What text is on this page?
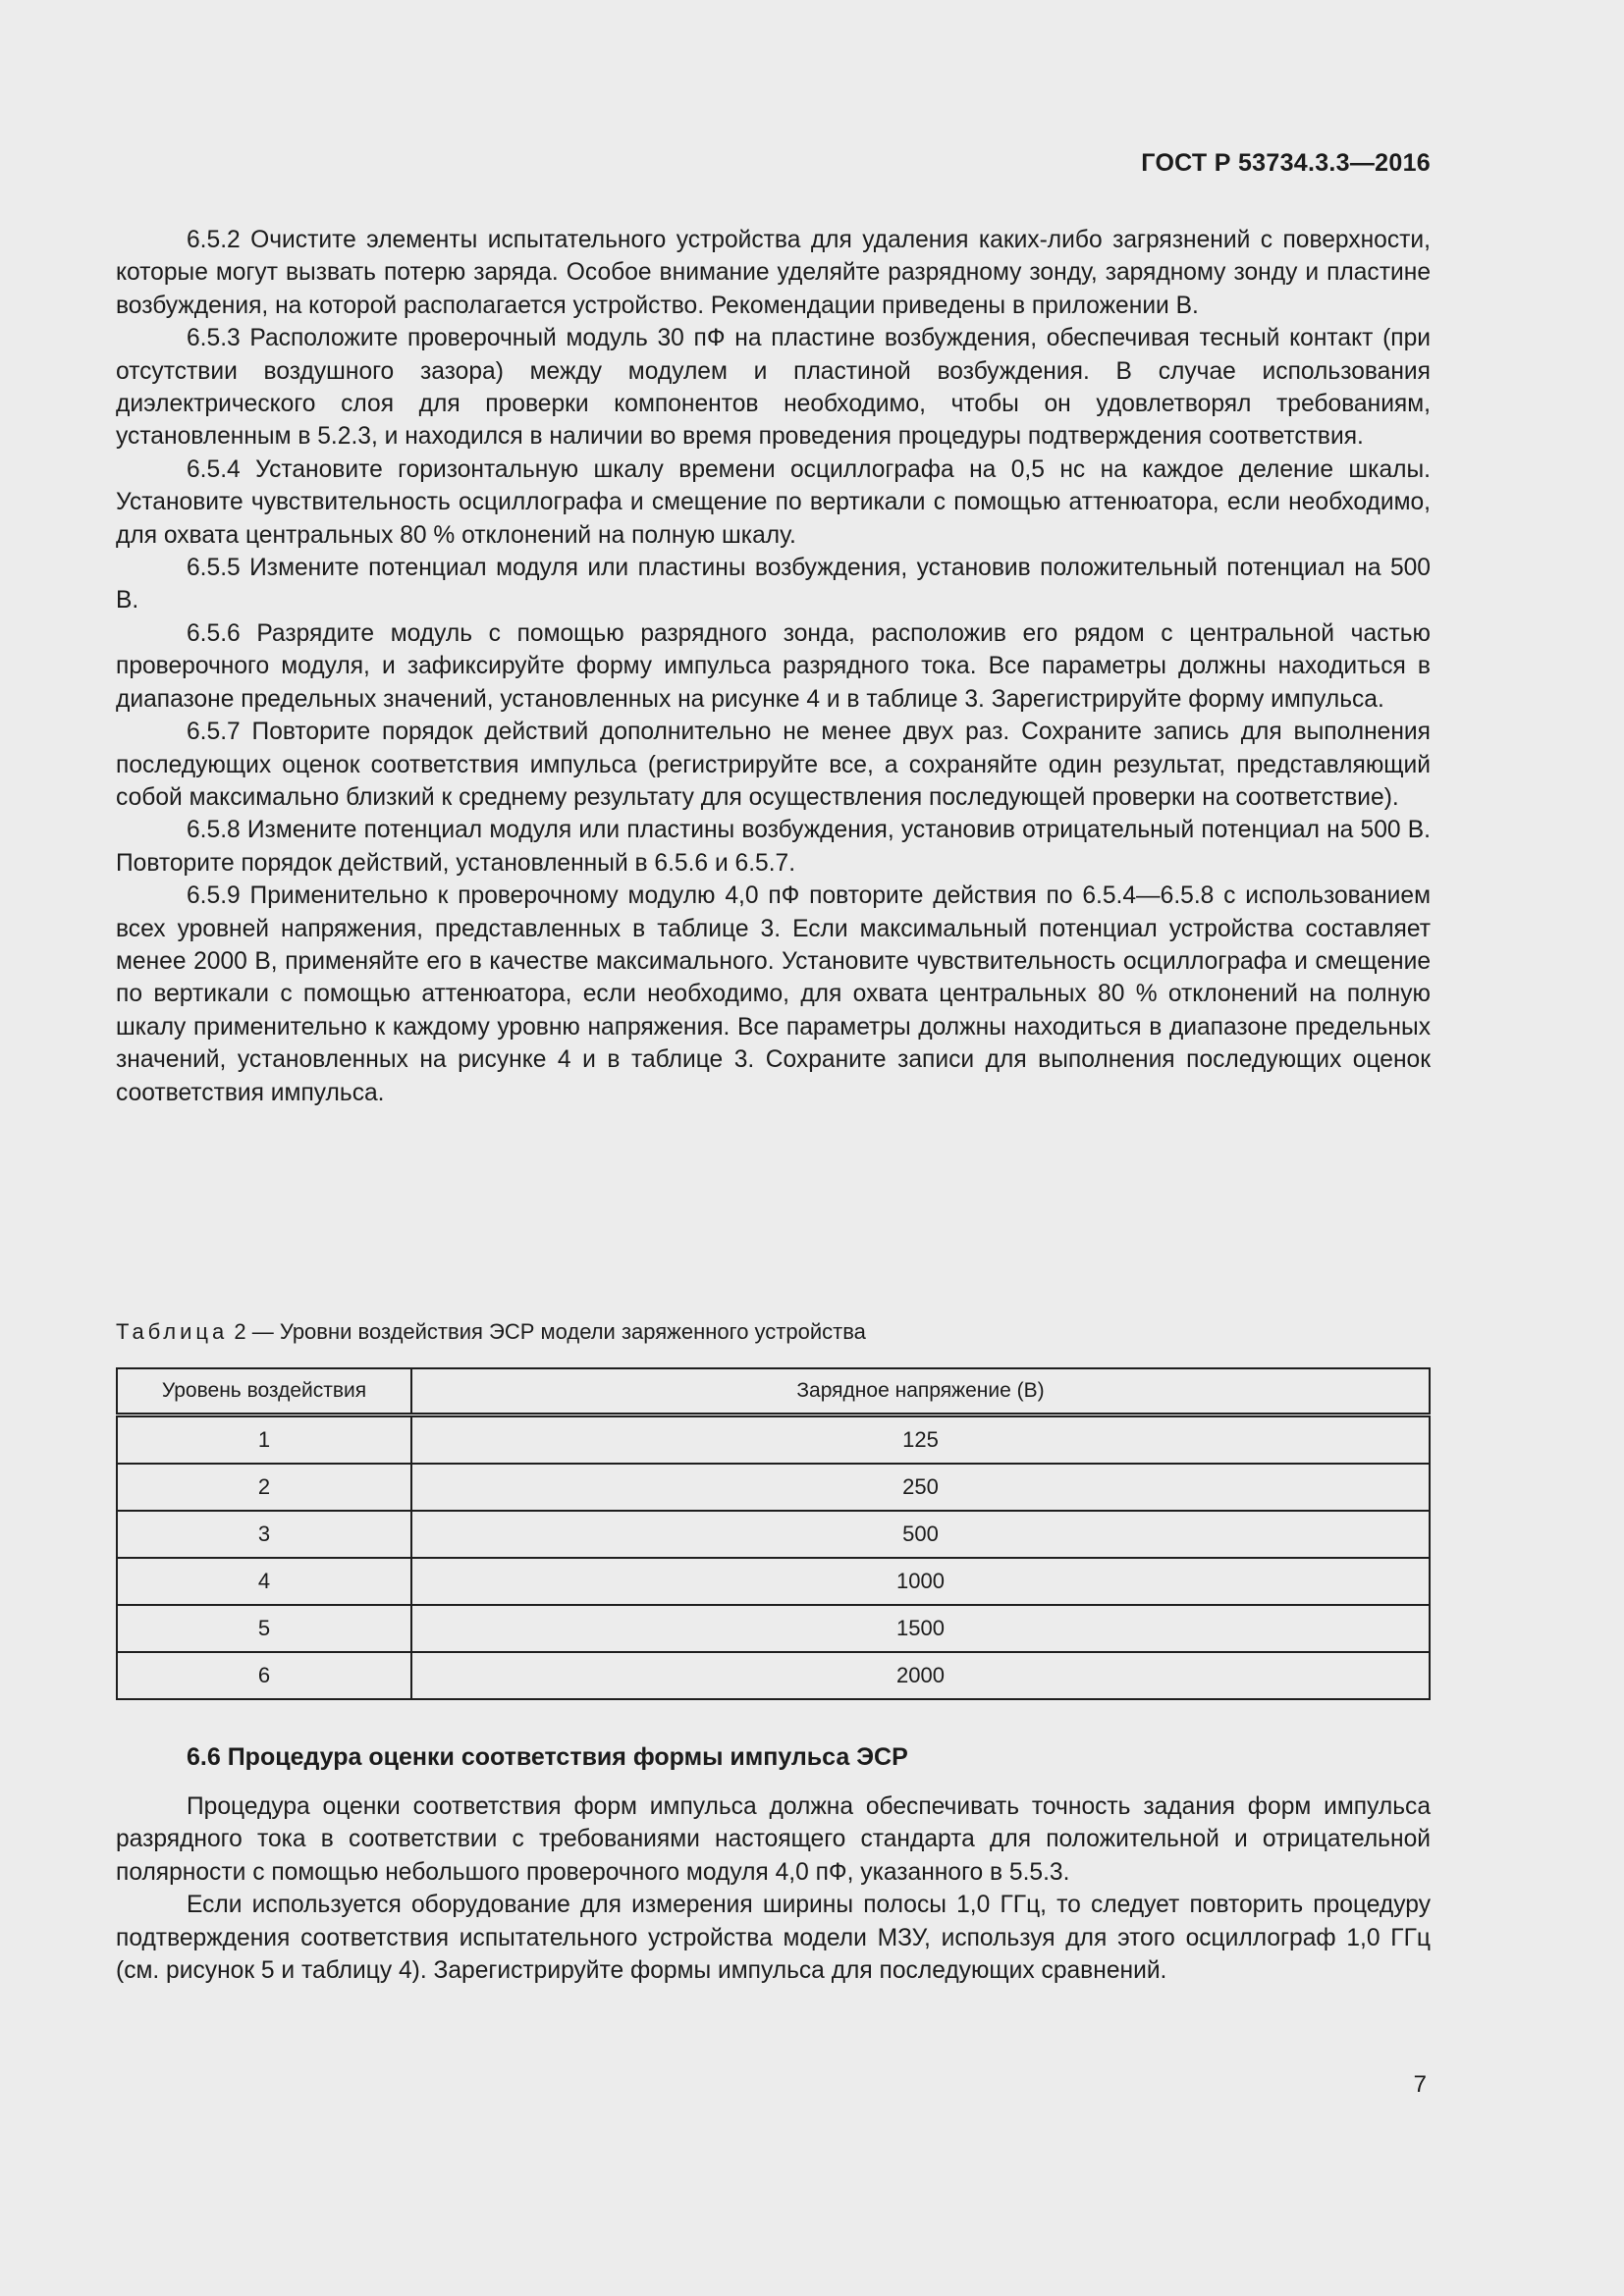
ГОСТ Р 53734.3.3—2016

6.5.2 Очистите элементы испытательного устройства для удаления каких-либо загрязнений с поверхности, которые могут вызвать потерю заряда. Особое внимание уделяйте разрядному зонду, зарядному зонду и пластине возбуждения, на которой располагается устройство. Рекомендации приведены в приложении В.

6.5.3 Расположите проверочный модуль 30 пФ на пластине возбуждения, обеспечивая тесный контакт (при отсутствии воздушного зазора) между модулем и пластиной возбуждения. В случае использования диэлектрического слоя для проверки компонентов необходимо, чтобы он удовлетворял требованиям, установленным в 5.2.3, и находился в наличии во время проведения процедуры подтверждения соответствия.

6.5.4 Установите горизонтальную шкалу времени осциллографа на 0,5 нс на каждое деление шкалы. Установите чувствительность осциллографа и смещение по вертикали с помощью аттенюатора, если необходимо, для охвата центральных 80 % отклонений на полную шкалу.

6.5.5 Измените потенциал модуля или пластины возбуждения, установив положительный потенциал на 500 В.

6.5.6 Разрядите модуль с помощью разрядного зонда, расположив его рядом с центральной частью проверочного модуля, и зафиксируйте форму импульса разрядного тока. Все параметры должны находиться в диапазоне предельных значений, установленных на рисунке 4 и в таблице 3. Зарегистрируйте форму импульса.

6.5.7 Повторите порядок действий дополнительно не менее двух раз. Сохраните запись для выполнения последующих оценок соответствия импульса (регистрируйте все, а сохраняйте один результат, представляющий собой максимально близкий к среднему результату для осуществления последующей проверки на соответствие).

6.5.8 Измените потенциал модуля или пластины возбуждения, установив отрицательный потенциал на 500 В. Повторите порядок действий, установленный в 6.5.6 и 6.5.7.

6.5.9 Применительно к проверочному модулю 4,0 пФ повторите действия по 6.5.4—6.5.8 с использованием всех уровней напряжения, представленных в таблице 3. Если максимальный потенциал устройства составляет менее 2000 В, применяйте его в качестве максимального. Установите чувствительность осциллографа и смещение по вертикали с помощью аттенюатора, если необходимо, для охвата центральных 80 % отклонений на полную шкалу применительно к каждому уровню напряжения. Все параметры должны находиться в диапазоне предельных значений, установленных на рисунке 4 и в таблице 3. Сохраните записи для выполнения последующих оценок соответствия импульса.

Таблица 2 — Уровни воздействия ЭСР модели заряженного устройства
Уровень воздействия	Зарядное напряжение (В)
1	125
2	250
3	500
4	1000
5	1500
6	2000
6.6 Процедура оценки соответствия формы импульса ЭСР

Процедура оценки соответствия форм импульса должна обеспечивать точность задания форм импульса разрядного тока в соответствии с требованиями настоящего стандарта для положительной и отрицательной полярности с помощью небольшого проверочного модуля 4,0 пФ, указанного в 5.5.3.

Если используется оборудование для измерения ширины полосы 1,0 ГГц, то следует повторить процедуру подтверждения соответствия испытательного устройства модели МЗУ, используя для этого осциллограф 1,0 ГГц (см. рисунок 5 и таблицу 4). Зарегистрируйте формы импульса для последующих сравнений.

7
